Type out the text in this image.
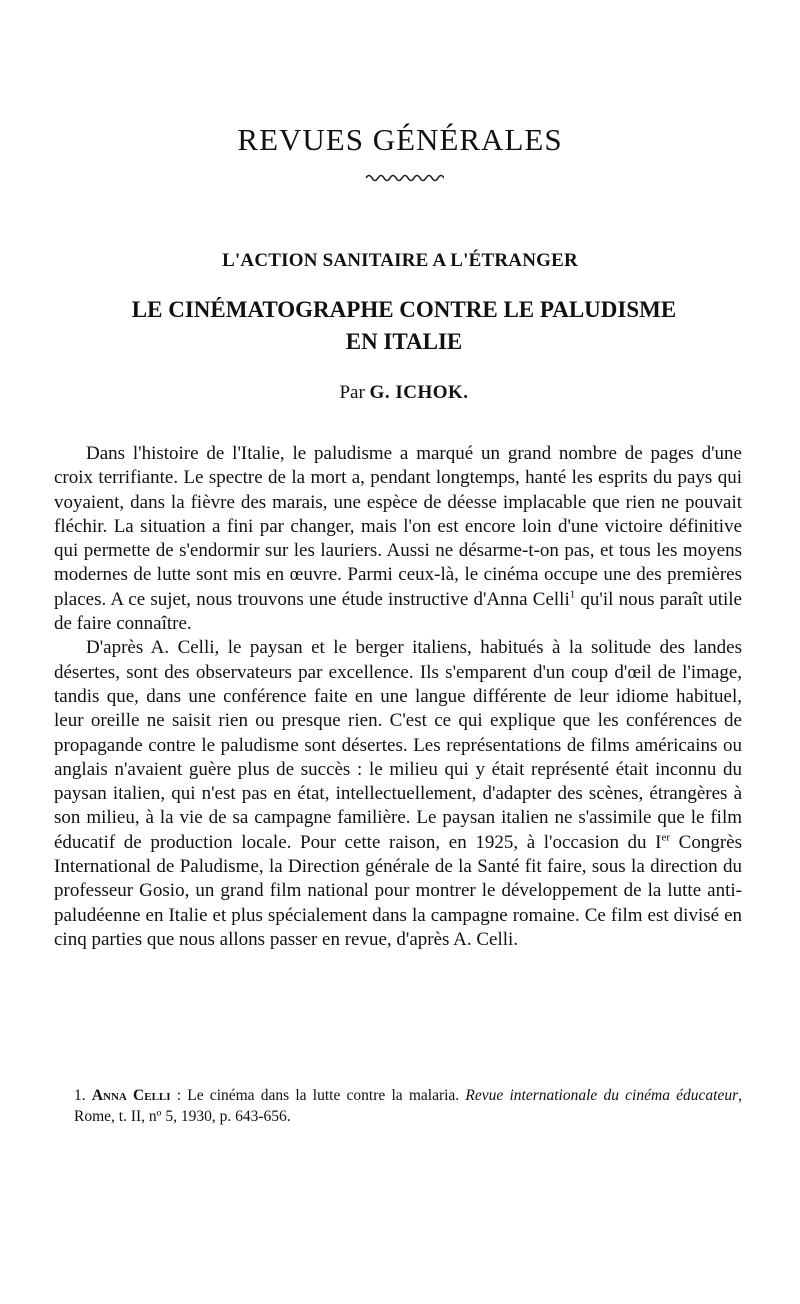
REVUES GÉNÉRALES
L'ACTION SANITAIRE A L'ÉTRANGER
LE CINÉMATOGRAPHE CONTRE LE PALUDISME
EN ITALIE
Par G. ICHOK.

Dans l'histoire de l'Italie, le paludisme a marqué un grand nombre de pages d'une croix terrifiante. Le spectre de la mort a, pendant longtemps, hanté les esprits du pays qui voyaient, dans la fièvre des marais, une espèce de déesse implacable que rien ne pouvait fléchir. La situation a fini par changer, mais l'on est encore loin d'une victoire définitive qui permette de s'endormir sur les lauriers. Aussi ne désarme-t-on pas, et tous les moyens modernes de lutte sont mis en œuvre. Parmi ceux-là, le cinéma occupe une des premières places. A ce sujet, nous trouvons une étude instructive d'Anna Celli$^1$ qu'il nous paraît utile de faire connaître.

D'après A. Celli, le paysan et le berger italiens, habitués à la solitude des landes désertes, sont des observateurs par excellence. Ils s'emparent d'un coup d'œil de l'image, tandis que, dans une conférence faite en une langue différente de leur idiome habituel, leur oreille ne saisit rien ou presque rien. C'est ce qui explique que les conférences de propagande contre le paludisme sont désertes. Les représentations de films américains ou anglais n'avaient guère plus de succès : le milieu qui y était représenté était inconnu du paysan italien, qui n'est pas en état, intellectuellement, d'adapter des scènes, étrangères à son milieu, à la vie de sa campagne familière. Le paysan italien ne s'assimile que le film éducatif de production locale. Pour cette raison, en 1925, à l'occasion du Ier Congrès International de Paludisme, la Direction générale de la Santé fit faire, sous la direction du professeur Gosio, un grand film national pour montrer le développement de la lutte anti-paludéenne en Italie et plus spécialement dans la campagne romaine. Ce film est divisé en cinq parties que nous allons passer en revue, d'après A. Celli.

1. Anna Celli : Le cinéma dans la lutte contre la malaria. Revue internationale du cinéma éducateur, Rome, t. II, nº 5, 1930, p. 643-656.
